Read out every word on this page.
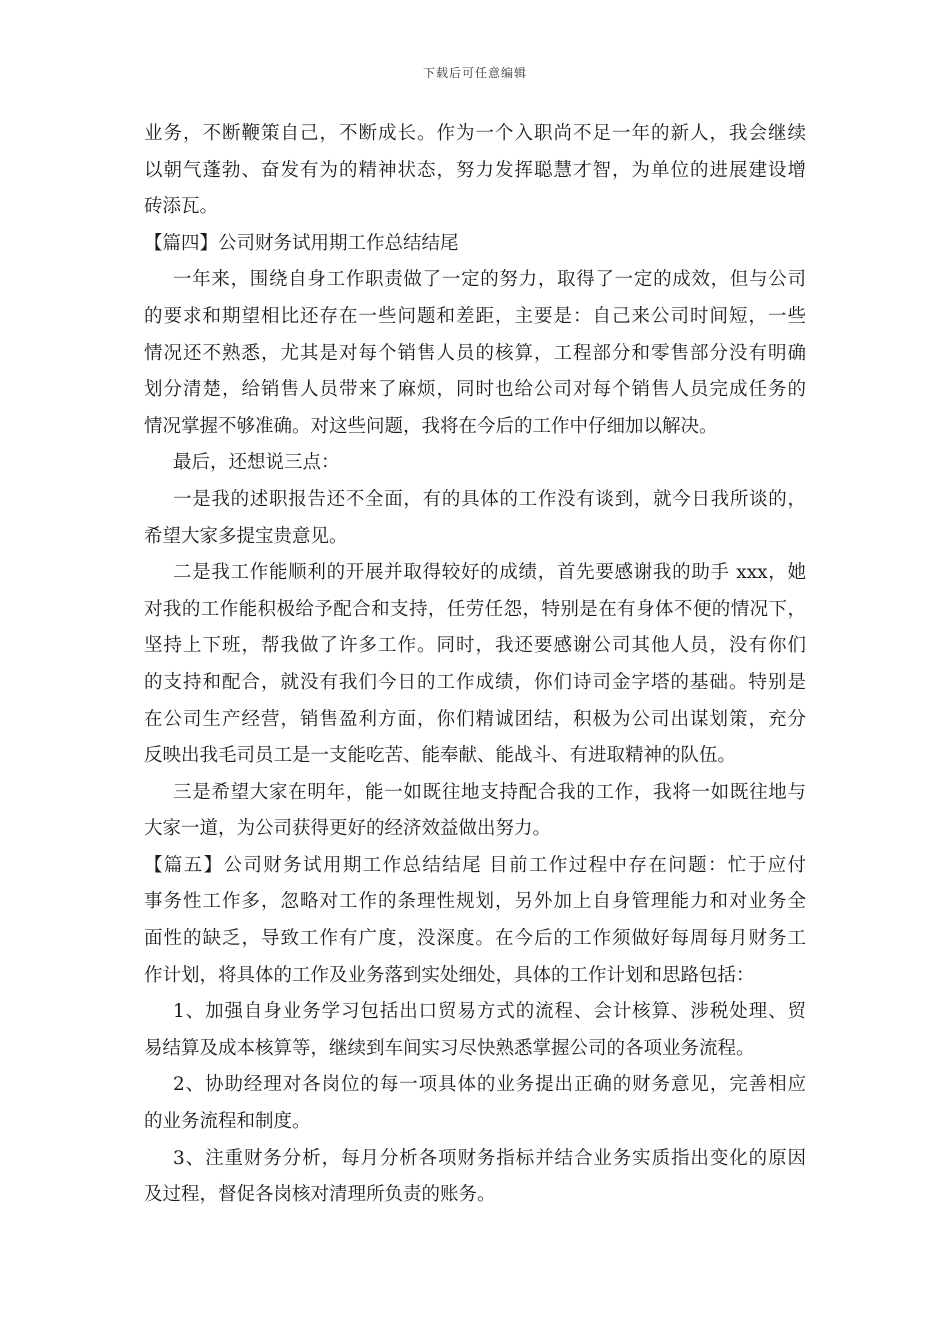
下载后可任意编辑
业务，不断鞭策自己，不断成长。作为一个入职尚不足一年的新人，我会继续
以朝气蓬勃、奋发有为的精神状态，努力发挥聪慧才智，为单位的进展建设增
砖添瓦。
【篇四】公司财务试用期工作总结结尾
一年来，围绕自身工作职责做了一定的努力，取得了一定的成效，但与公司
的要求和期望相比还存在一些问题和差距，主要是：自己来公司时间短，一些
情况还不熟悉，尤其是对每个销售人员的核算，工程部分和零售部分没有明确
划分清楚，给销售人员带来了麻烦，同时也给公司对每个销售人员完成任务的
情况掌握不够准确。对这些问题，我将在今后的工作中仔细加以解决。
最后，还想说三点：
一是我的述职报告还不全面，有的具体的工作没有谈到，就今日我所谈的，
希望大家多提宝贵意见。
二是我工作能顺利的开展并取得较好的成绩，首先要感谢我的助手 xxx，她
对我的工作能积极给予配合和支持，任劳任怨，特别是在有身体不便的情况下，
坚持上下班，帮我做了许多工作。同时，我还要感谢公司其他人员，没有你们
的支持和配合，就没有我们今日的工作成绩，你们诗司金字塔的基础。特别是
在公司生产经营，销售盈利方面，你们精诚团结，积极为公司出谋划策，充分
反映出我毛司员工是一支能吃苦、能奉献、能战斗、有进取精神的队伍。
三是希望大家在明年，能一如既往地支持配合我的工作，我将一如既往地与
大家一道，为公司获得更好的经济效益做出努力。
【篇五】公司财务试用期工作总结结尾 目前工作过程中存在问题：忙于应付
事务性工作多，忽略对工作的条理性规划，另外加上自身管理能力和对业务全
面性的缺乏，导致工作有广度，没深度。在今后的工作须做好每周每月财务工
作计划，将具体的工作及业务落到实处细处，具体的工作计划和思路包括：
1、加强自身业务学习包括出口贸易方式的流程、会计核算、涉税处理、贸
易结算及成本核算等，继续到车间实习尽快熟悉掌握公司的各项业务流程。
2、协助经理对各岗位的每一项具体的业务提出正确的财务意见，完善相应
的业务流程和制度。
3、注重财务分析，每月分析各项财务指标并结合业务实质指出变化的原因
及过程，督促各岗核对清理所负责的账务。
